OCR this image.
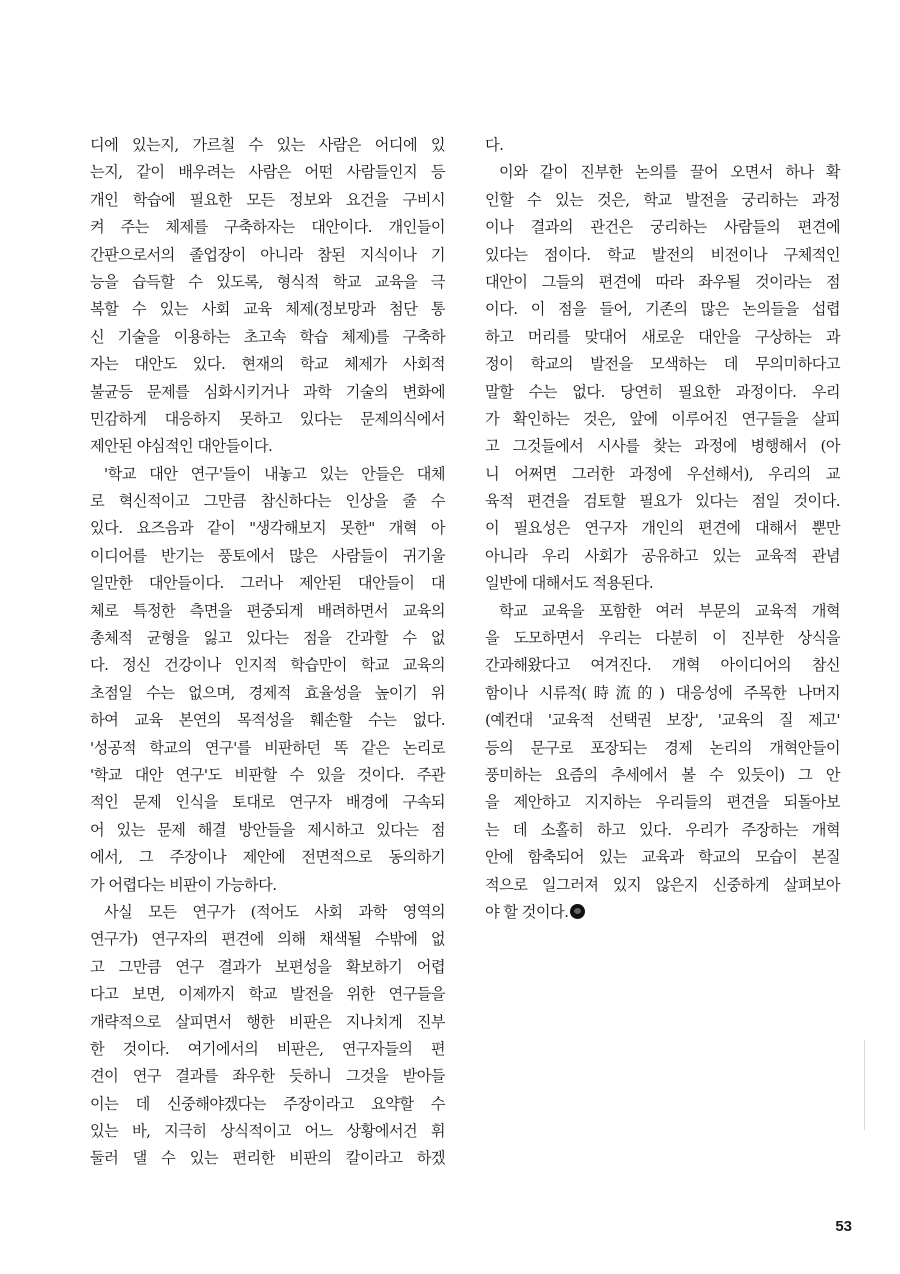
디에 있는지, 가르칠 수 있는 사람은 어디에 있
는지, 같이 배우려는 사람은 어떤 사람들인지 등
개인 학습에 필요한 모든 정보와 요건을 구비시
켜 주는 체제를 구축하자는 대안이다. 개인들이
간판으로서의 졸업장이 아니라 참된 지식이나 기
능을 습득할 수 있도록, 형식적 학교 교육을 극
복할 수 있는 사회 교육 체제(정보망과 첨단 통
신 기술을 이용하는 초고속 학습 체제)를 구축하
자는 대안도 있다. 현재의 학교 체제가 사회적
불균등 문제를 심화시키거나 과학 기술의 변화에
민감하게 대응하지 못하고 있다는 문제의식에서
제안된 야심적인 대안들이다.
'학교 대안 연구'들이 내놓고 있는 안들은 대체
로 혁신적이고 그만큼 참신하다는 인상을 줄 수
있다. 요즈음과 같이 "생각해보지 못한" 개혁 아
이디어를 반기는 풍토에서 많은 사람들이 귀기울
일만한 대안들이다. 그러나 제안된 대안들이 대
체로 특정한 측면을 편중되게 배려하면서 교육의
총체적 균형을 잃고 있다는 점을 간과할 수 없
다. 정신 건강이나 인지적 학습만이 학교 교육의
초점일 수는 없으며, 경제적 효율성을 높이기 위
하여 교육 본연의 목적성을 훼손할 수는 없다.
'성공적 학교의 연구'를 비판하던 똑 같은 논리로
'학교 대안 연구'도 비판할 수 있을 것이다. 주관
적인 문제 인식을 토대로 연구자 배경에 구속되
어 있는 문제 해결 방안들을 제시하고 있다는 점
에서, 그 주장이나 제안에 전면적으로 동의하기
가 어렵다는 비판이 가능하다.
사실 모든 연구가 (적어도 사회 과학 영역의
연구가) 연구자의 편견에 의해 채색될 수밖에 없
고 그만큼 연구 결과가 보편성을 확보하기 어렵
다고 보면, 이제까지 학교 발전을 위한 연구들을
개략적으로 살피면서 행한 비판은 지나치게 진부
한 것이다. 여기에서의 비판은, 연구자들의 편
견이 연구 결과를 좌우한 듯하니 그것을 받아들
이는 데 신중해야겠다는 주장이라고 요약할 수
있는 바, 지극히 상식적이고 어느 상황에서건 휘
둘러 댈 수 있는 편리한 비판의 칼이라고 하겠
다.
이와 같이 진부한 논의를 끌어 오면서 하나 확
인할 수 있는 것은, 학교 발전을 궁리하는 과정
이나 결과의 관건은 궁리하는 사람들의 편견에
있다는 점이다. 학교 발전의 비전이나 구체적인
대안이 그들의 편견에 따라 좌우될 것이라는 점
이다. 이 점을 들어, 기존의 많은 논의들을 섭렵
하고 머리를 맞대어 새로운 대안을 구상하는 과
정이 학교의 발전을 모색하는 데 무의미하다고
말할 수는 없다. 당연히 필요한 과정이다. 우리
가 확인하는 것은, 앞에 이루어진 연구들을 살피
고 그것들에서 시사를 찾는 과정에 병행해서 (아
니 어쩌면 그러한 과정에 우선해서), 우리의 교
육적 편견을 검토할 필요가 있다는 점일 것이다.
이 필요성은 연구자 개인의 편견에 대해서 뿐만
아니라 우리 사회가 공유하고 있는 교육적 관념
일반에 대해서도 적용된다.
학교 교육을 포함한 여러 부문의 교육적 개혁
을 도모하면서 우리는 다분히 이 진부한 상식을
간과해왔다고 여겨진다. 개혁 아이디어의 참신
함이나 시류적(時流的) 대응성에 주목한 나머지
(예컨대 '교육적 선택권 보장', '교육의 질 제고'
등의 문구로 포장되는 경제 논리의 개혁안들이
풍미하는 요즘의 추세에서 볼 수 있듯이) 그 안
을 제안하고 지지하는 우리들의 편견을 되돌아보
는 데 소홀히 하고 있다. 우리가 주장하는 개혁
안에 함축되어 있는 교육과 학교의 모습이 본질
적으로 일그러져 있지 않은지 신중하게 살펴보아
야 할 것이다.
53
